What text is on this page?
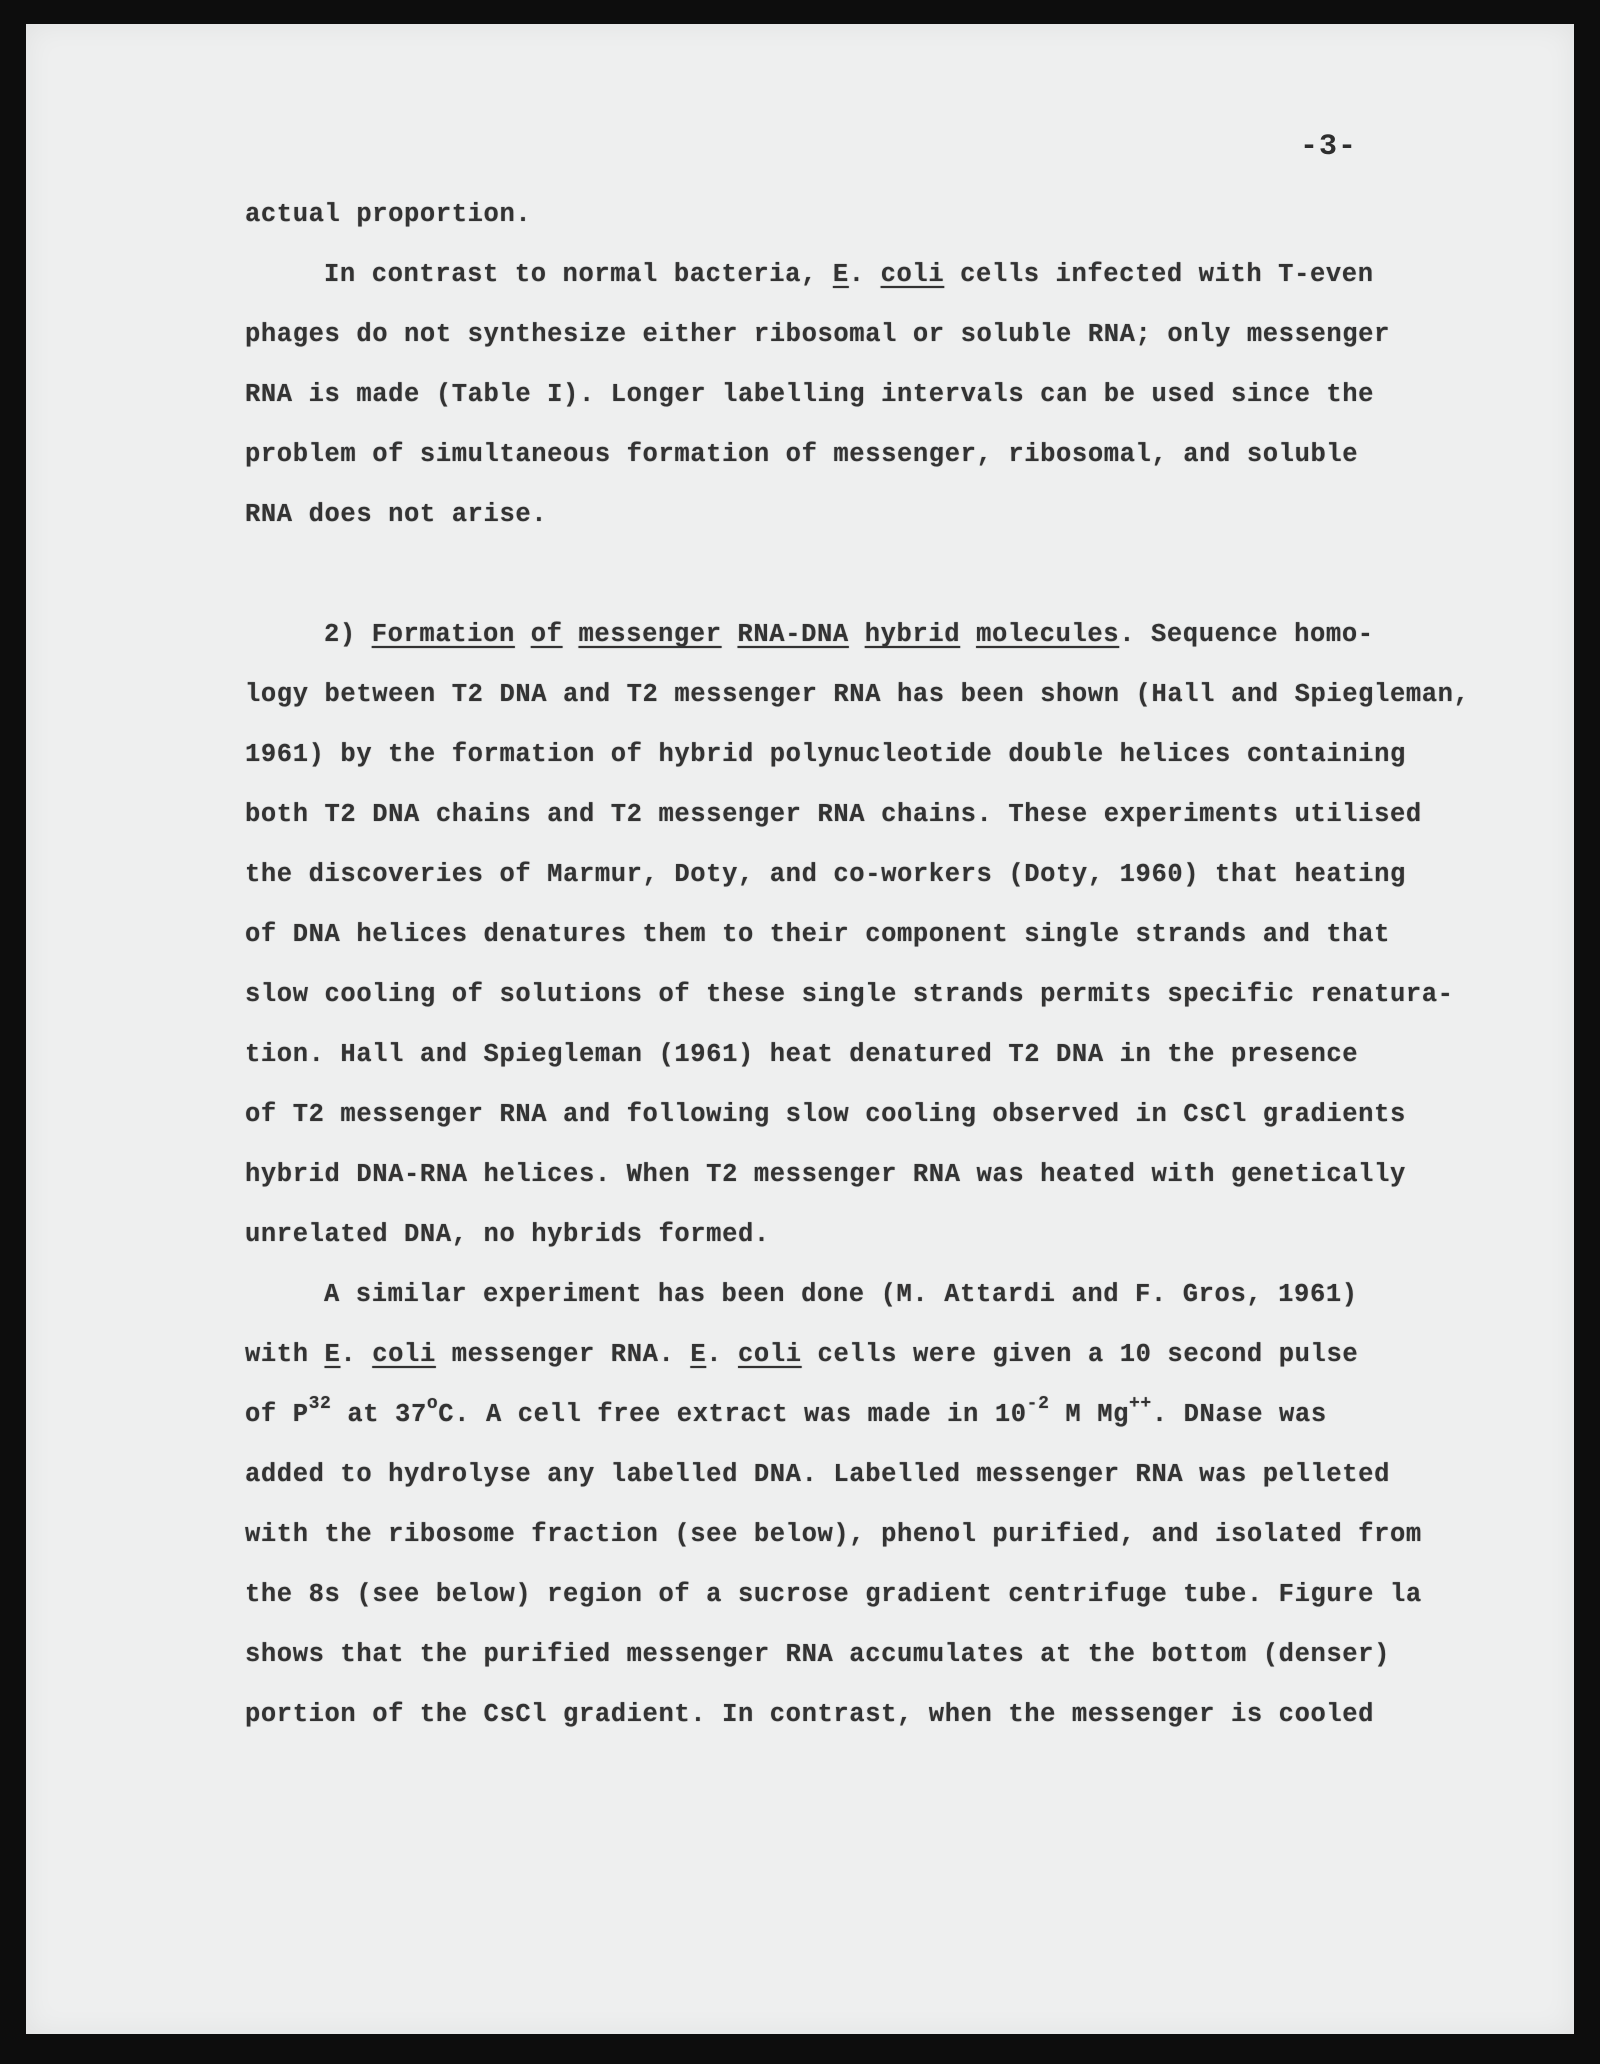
-3-
actual proportion.
In contrast to normal bacteria, E. coli cells infected with T-even
phages do not synthesize either ribosomal or soluble RNA; only messenger
RNA is made (Table I). Longer labelling intervals can be used since the
problem of simultaneous formation of messenger, ribosomal, and soluble
RNA does not arise.
2) Formation of messenger RNA-DNA hybrid molecules. Sequence homo-
logy between T2 DNA and T2 messenger RNA has been shown (Hall and Spiegleman,
1961) by the formation of hybrid polynucleotide double helices containing
both T2 DNA chains and T2 messenger RNA chains. These experiments utilised
the discoveries of Marmur, Doty, and co-workers (Doty, 1960) that heating
of DNA helices denatures them to their component single strands and that
slow cooling of solutions of these single strands permits specific renatura-
tion. Hall and Spiegleman (1961) heat denatured T2 DNA in the presence
of T2 messenger RNA and following slow cooling observed in CsCl gradients
hybrid DNA-RNA helices. When T2 messenger RNA was heated with genetically
unrelated DNA, no hybrids formed.
A similar experiment has been done (M. Attardi and F. Gros, 1961)
with E. coli messenger RNA. E. coli cells were given a 10 second pulse
of $P^{32}$ at 37$^o$C. A cell free extract was made in $10^{-2}$ M Mg++. DNase was
added to hydrolyse any labelled DNA. Labelled messenger RNA was pelleted
with the ribosome fraction (see below), phenol purified, and isolated from
the 8s (see below) region of a sucrose gradient centrifuge tube. Figure la
shows that the purified messenger RNA accumulates at the bottom (denser)
portion of the CsCl gradient. In contrast, when the messenger is cooled
